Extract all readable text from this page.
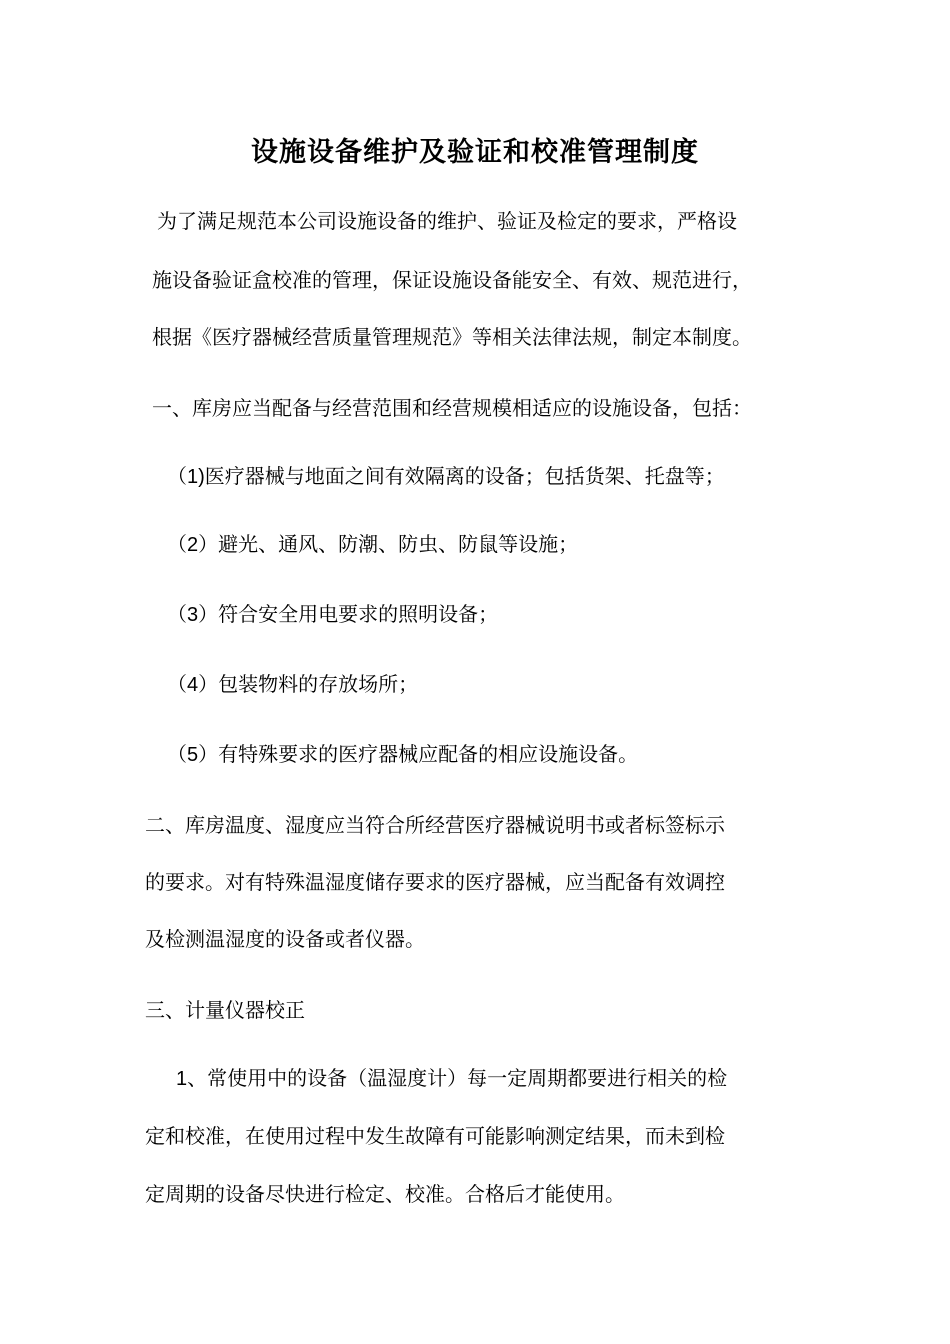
设施设备维护及验证和校准管理制度
为了满足规范本公司设施设备的维护、验证及检定的要求，严格设
施设备验证盒校准的管理，保证设施设备能安全、有效、规范进行，
根据《医疗器械经营质量管理规范》等相关法律法规，制定本制度。
一、库房应当配备与经营范围和经营规模相适应的设施设备，包括：
（1)医疗器械与地面之间有效隔离的设备；包括货架、托盘等；
（2）避光、通风、防潮、防虫、防鼠等设施；
（3）符合安全用电要求的照明设备；
（4）包装物料的存放场所；
（5）有特殊要求的医疗器械应配备的相应设施设备。
二、库房温度、湿度应当符合所经营医疗器械说明书或者标签标示
的要求。对有特殊温湿度储存要求的医疗器械，应当配备有效调控
及检测温湿度的设备或者仪器。
三、计量仪器校正
1、常使用中的设备（温湿度计）每一定周期都要进行相关的检
定和校准，在使用过程中发生故障有可能影响测定结果，而未到检
定周期的设备尽快进行检定、校准。合格后才能使用。
